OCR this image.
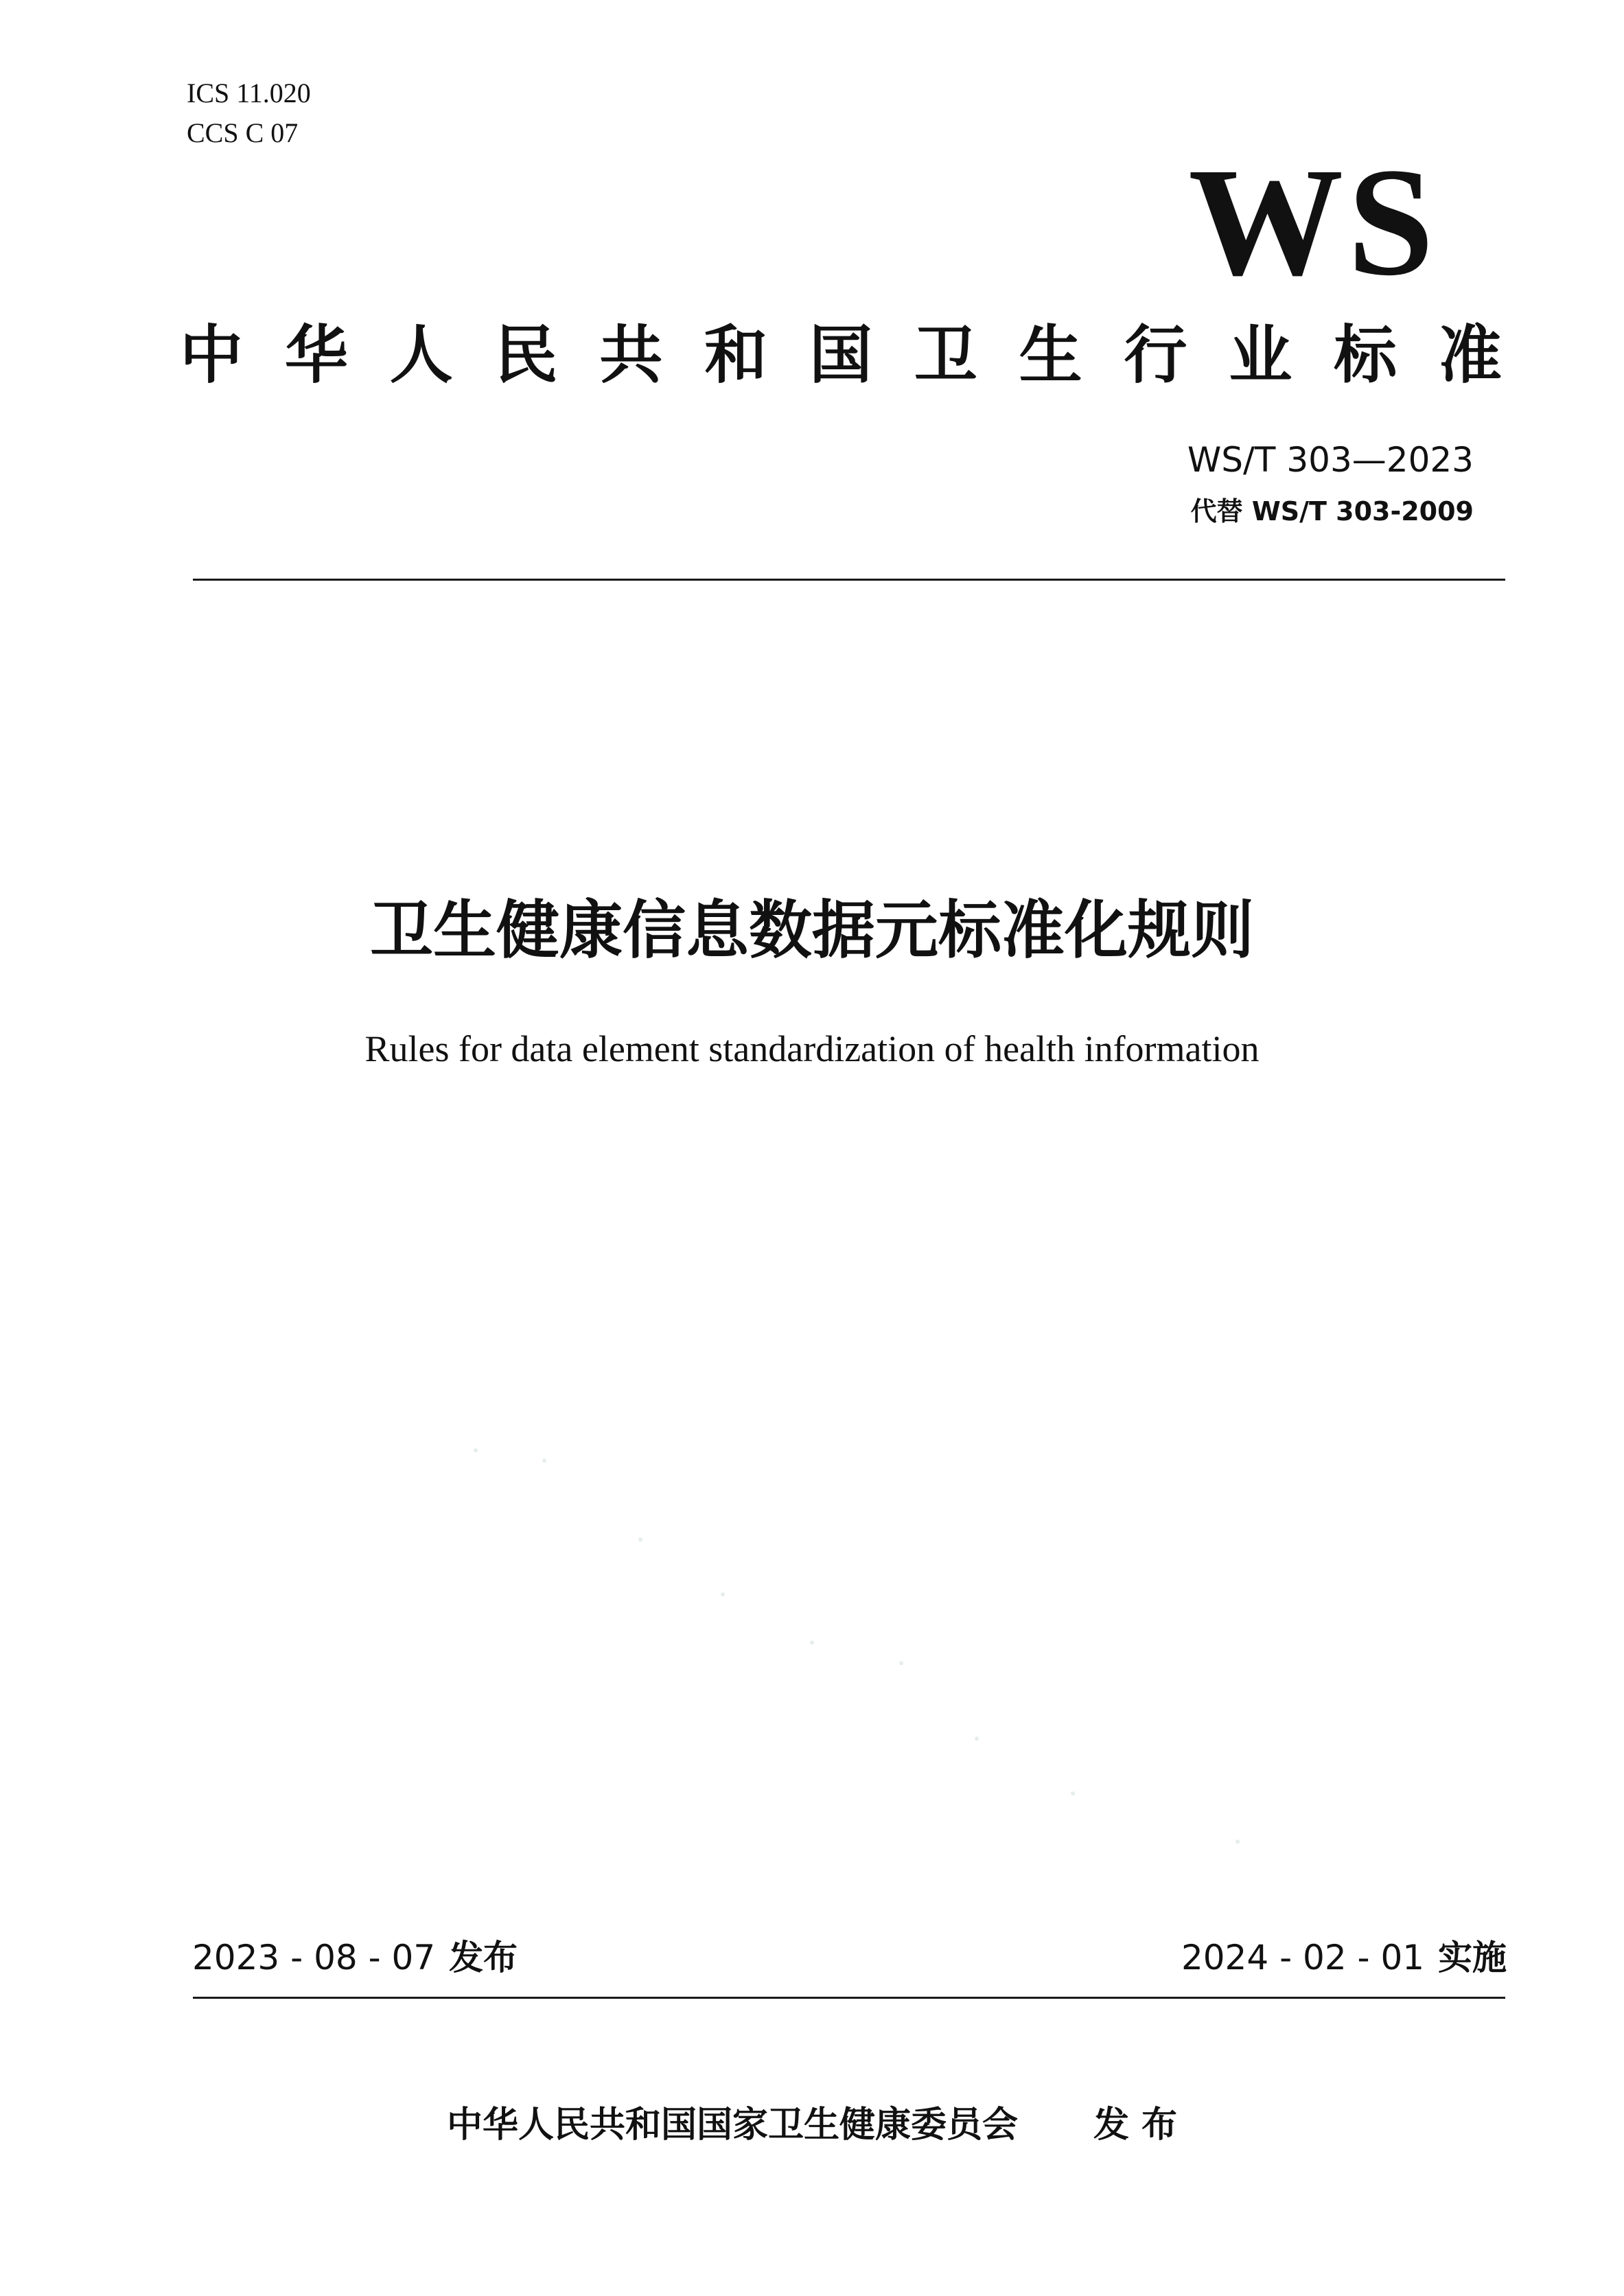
ICS 11.020
CCS C 07
WS
中 华 人 民 共 和 国 卫 生 行 业 标 准
WS/T 303—2023
代替 WS/T 303-2009
卫生健康信息数据元标准化规则
Rules for data element standardization of health information
2023 - 08 - 07 发布	2024 - 02 - 01 实施
中华人民共和国国家卫生健康委员会 发 布
